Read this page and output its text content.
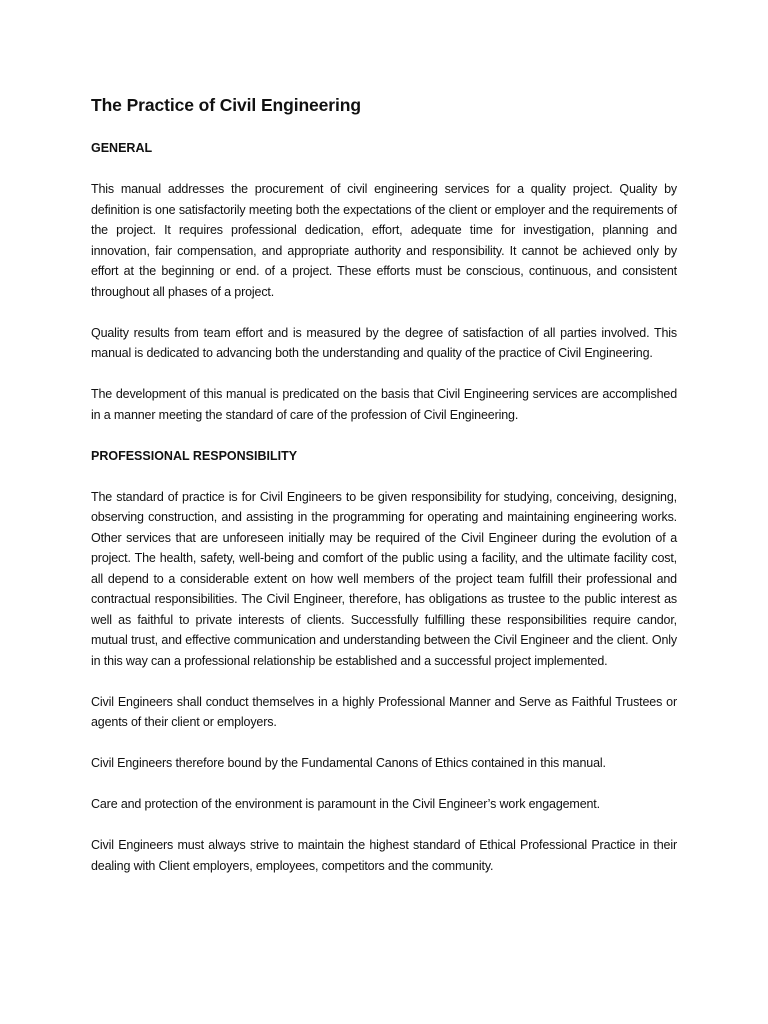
The Practice of Civil Engineering
GENERAL

This manual addresses the procurement of civil engineering services for a quality project. Quality by definition is one satisfactorily meeting both the expectations of the client or employer and the requirements of the project. It requires professional dedication, effort, adequate time for investigation, planning and innovation, fair compensation, and appropriate authority and responsibility. It cannot be achieved only by effort at the beginning or end. of a project. These efforts must be conscious, continuous, and consistent throughout all phases of a project.

Quality results from team effort and is measured by the degree of satisfaction of all parties involved. This manual is dedicated to advancing both the understanding and quality of the practice of Civil Engineering.

The development of this manual is predicated on the basis that Civil Engineering services are accomplished in a manner meeting the standard of care of the profession of Civil Engineering.

PROFESSIONAL RESPONSIBILITY

The standard of practice is for Civil Engineers to be given responsibility for studying, conceiving, designing, observing construction, and assisting in the programming for operating and maintaining engineering works. Other services that are unforeseen initially may be required of the Civil Engineer during the evolution of a project. The health, safety, well-being and comfort of the public using a facility, and the ultimate facility cost, all depend to a considerable extent on how well members of the project team fulfill their professional and contractual responsibilities. The Civil Engineer, therefore, has obligations as trustee to the public interest as well as faithful to private interests of clients. Successfully fulfilling these responsibilities require candor, mutual trust, and effective communication and understanding between the Civil Engineer and the client. Only in this way can a professional relationship be established and a successful project implemented.

Civil Engineers shall conduct themselves in a highly Professional Manner and Serve as Faithful Trustees or agents of their client or employers.

Civil Engineers therefore bound by the Fundamental Canons of Ethics contained in this manual.

Care and protection of the environment is paramount in the Civil Engineer’s work engagement.

Civil Engineers must always strive to maintain the highest standard of Ethical Professional Practice in their dealing with Client employers, employees, competitors and the community.
